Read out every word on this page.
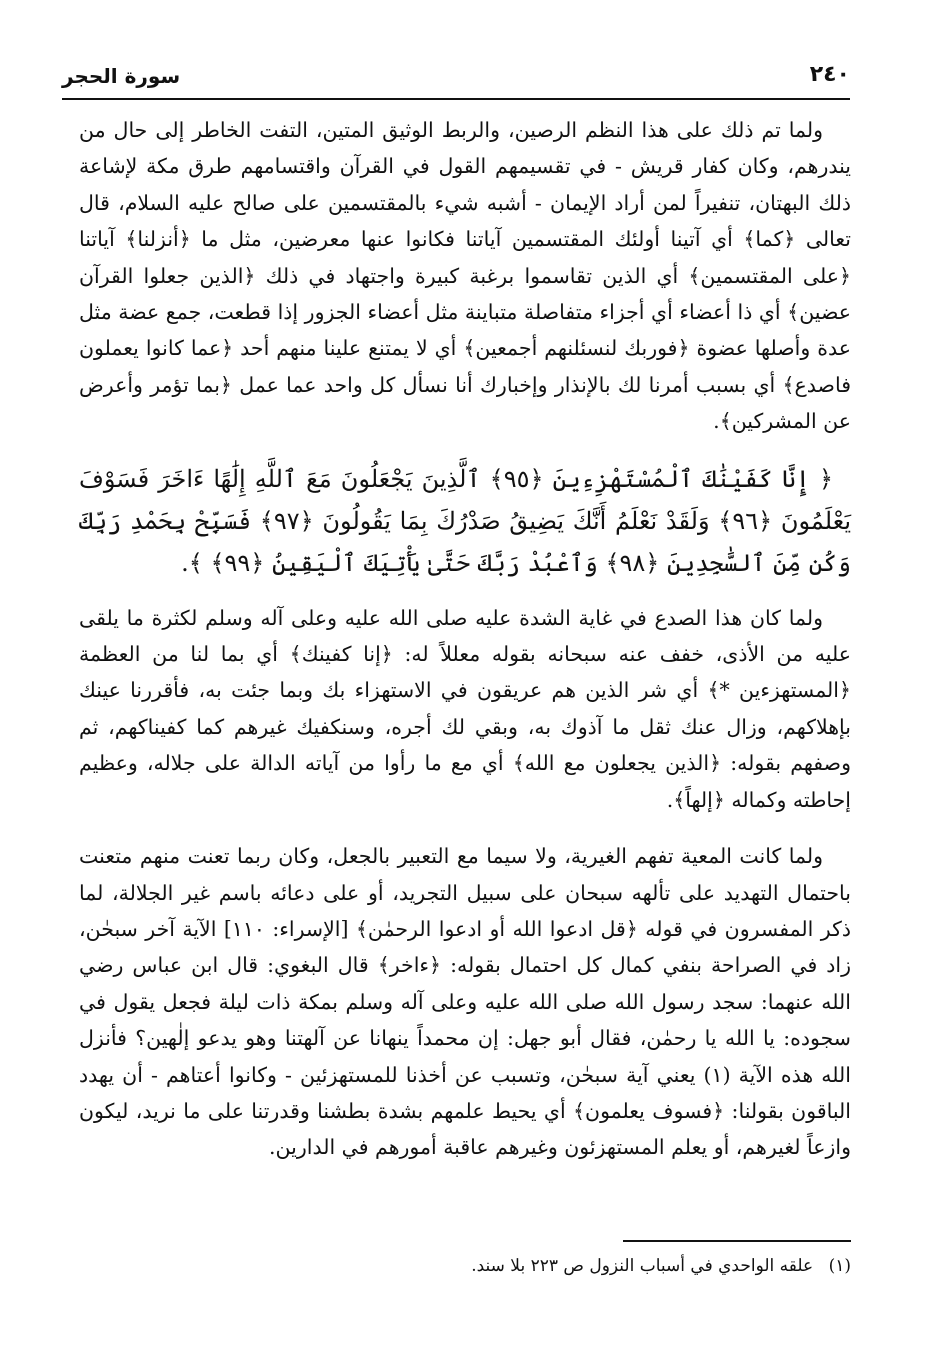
٢٤٠
سورة الحجر

ولما تم ذلك على هذا النظم الرصين، والربط الوثيق المتين، التفت الخاطر إلى حال من يندرهم، وكان كفار قريش - في تقسيمهم القول في القرآن واقتسامهم طرق مكة لإشاعة ذلك البهتان، تنفيراً لمن أراد الإيمان - أشبه شيء بالمقتسمين على صالح عليه السلام، قال تعالى ﴿كما﴾ أي آتينا أولئك المقتسمين آياتنا فكانوا عنها معرضين، مثل ما ﴿أنزلنا﴾ آياتنا ﴿على المقتسمين﴾ أي الذين تقاسموا برغبة كبيرة واجتهاد في ذلك ﴿الذين جعلوا القرآن عضين﴾ أي ذا أعضاء أي أجزاء متفاصلة متباينة مثل أعضاء الجزور إذا قطعت، جمع عضة مثل عدة وأصلها عضوة ﴿فوربك لنسئلنهم أجمعين﴾ أي لا يمتنع علينا منهم أحد ﴿عما كانوا يعملون فاصدع﴾ أي بسبب أمرنا لك بالإنذار وإخبارك أنا نسأل كل واحد عما عمل ﴿بما تؤمر وأعرض عن المشركين﴾.

﴿ إِنَّا كَفَيْنَٰكَ ٱلْمُسْتَهْزِءِينَ ﴿٩٥﴾ ٱلَّذِينَ يَجْعَلُونَ مَعَ ٱللَّهِ إِلَٰهًا ءَاخَرَ فَسَوْفَ يَعْلَمُونَ ﴿٩٦﴾ وَلَقَدْ نَعْلَمُ أَنَّكَ يَضِيقُ صَدْرُكَ بِمَا يَقُولُونَ ﴿٩٧﴾ فَسَبِّحْ بِحَمْدِ رَبِّكَ وَكُن مِّنَ ٱلسَّٰجِدِينَ ﴿٩٨﴾ وَٱعْبُدْ رَبَّكَ حَتَّىٰ يَأْتِيَكَ ٱلْيَقِينُ ﴿٩٩﴾ ﴾.

ولما كان هذا الصدع في غاية الشدة عليه صلى الله عليه وعلى آله وسلم لكثرة ما يلقى عليه من الأذى، خفف عنه سبحانه بقوله معللاً له: ﴿إنا كفينك﴾ أي بما لنا من العظمة ﴿المستهزءين *﴾ أي شر الذين هم عريقون في الاستهزاء بك وبما جئت به، فأقررنا عينك بإهلاكهم، وزال عنك ثقل ما آذوك به، وبقي لك أجره، وسنكفيك غيرهم كما كفيناكهم، ثم وصفهم بقوله: ﴿الذين يجعلون مع الله﴾ أي مع ما رأوا من آياته الدالة على جلاله، وعظيم إحاطته وكماله ﴿إلهاً﴾.

ولما كانت المعية تفهم الغيرية، ولا سيما مع التعبير بالجعل، وكان ربما تعنت منهم متعنت باحتمال التهديد على تألهه سبحان على سبيل التجريد، أو على دعائه باسم غير الجلالة، لما ذكر المفسرون في قوله ﴿قل ادعوا الله أو ادعوا الرحمٰن﴾ [الإسراء: ١١٠] الآية آخر سبحٰن، زاد في الصراحة بنفي كمال كل احتمال بقوله: ﴿ءاخر﴾ قال البغوي: قال ابن عباس رضي الله عنهما: سجد رسول الله صلى الله عليه وعلى آله وسلم بمكة ذات ليلة فجعل يقول في سجوده: يا الله يا رحمٰن، فقال أبو جهل: إن محمداً ينهانا عن آلهتنا وهو يدعو إلٰهين؟ فأنزل الله هذه الآية (١) يعني آية سبحٰن، وتسبب عن أخذنا للمستهزئين - وكانوا أعتاهم - أن يهدد الباقون بقولنا: ﴿فسوف يعلمون﴾ أي يحيط علمهم بشدة بطشنا وقدرتنا على ما نريد، ليكون وازعاً لغيرهم، أو يعلم المستهزئون وغيرهم عاقبة أمورهم في الدارين.

(١) علقه الواحدي في أسباب النزول ص ٢٢٣ بلا سند.
